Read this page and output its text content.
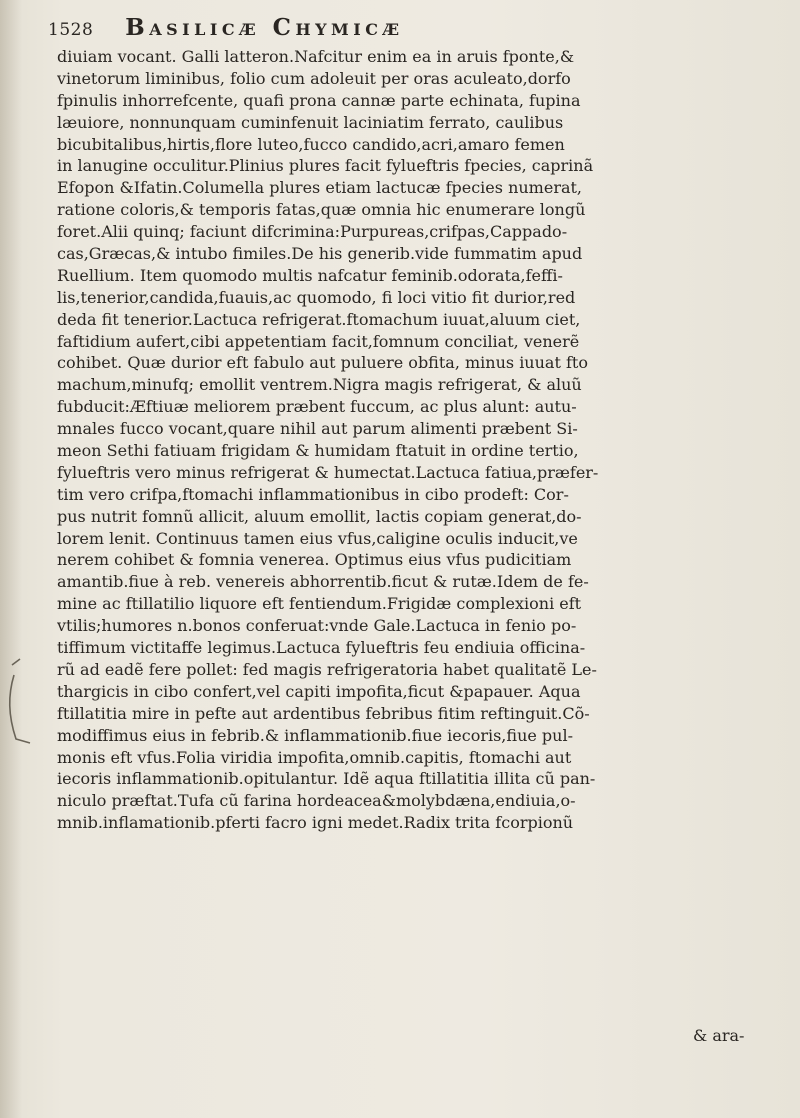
1528 Basilicæ Chymicæ
diuiam vocant. Galli latteron.Nafcitur enim ea in aruis fponte,&
vinetorum liminibus, folio cum adoleuit per oras aculeato,dorfo
fpinulis inhorrefcente, quafi prona cannæ parte echinata, fupina
læuiore, nonnunquam cuminfenuit laciniatim ferrato, caulibus
bicubitalibus,hirtis,flore luteo,fucco candido,acri,amaro femen
in lanugine occulitur.Plinius plures facit fylueftris fpecies, caprinã
Efopon &Ifatin.Columella plures etiam lactucæ fpecies numerat,
ratione coloris,& temporis fatas,quæ omnia hic enumerare longũ
foret.Alii quinq; faciunt difcrimina:Purpureas,crifpas,Cappado-
cas,Græcas,& intubo fimiles.De his generib.vide fummatim apud
Ruellium. Item quomodo multis nafcatur feminib.odorata,feffi-
lis,tenerior,candida,fuauis,ac quomodo, fi loci vitio fit durior,red
deda fit tenerior.Lactuca refrigerat.ftomachum iuuat,aluum ciet,
faftidium aufert,cibi appetentiam facit,fomnum conciliat, venerẽ
cohibet. Quæ durior eft fabulo aut puluere obfita, minus iuuat fto
machum,minufq; emollit ventrem.Nigra magis refrigerat, & aluũ
fubducit:Æftiuæ meliorem præbent fuccum, ac plus alunt: autu-
mnales fucco vocant,quare nihil aut parum alimenti præbent Si-
meon Sethi fatiuam frigidam & humidam ftatuit in ordine tertio,
fylueftris vero minus refrigerat & humectat.Lactuca fatiua,præfer-
tim vero crifpa,ftomachi inflammationibus in cibo prodeft: Cor-
pus nutrit fomnũ allicit, aluum emollit, lactis copiam generat,do-
lorem lenit. Continuus tamen eius vfus,caligine oculis inducit,ve
nerem cohibet & fomnia venerea. Optimus eius vfus pudicitiam
amantib.fiue à reb. venereis abhorrentib.ficut & rutæ.Idem de fe-
mine ac ftillatilio liquore eft fentiendum.Frigidæ complexioni eft
vtilis;humores n.bonos conferuat:vnde Gale.Lactuca in fenio po-
tiffimum victitaffe legimus.Lactuca fylueftris feu endiuia officina-
rũ ad eadẽ fere pollet: fed magis refrigeratoria habet qualitatẽ Le-
thargicis in cibo confert,vel capiti impofita,ficut &papauer. Aqua
ftillatitia mire in pefte aut ardentibus febribus fitim reftinguit.Cõ-
modiffimus eius in febrib.& inflammationib.fiue iecoris,fiue pul-
monis eft vfus.Folia viridia impofita,omnib.capitis, ftomachi aut
iecoris inflammationib.opitulantur. Idẽ aqua ftillatitia illita cũ pan-
niculo præftat.Tufa cũ farina hordeacea&molybdæna,endiuia,o-
mnib.inflamationib.pferti facro igni medet.Radix trita fcorpionũ
& ara-
